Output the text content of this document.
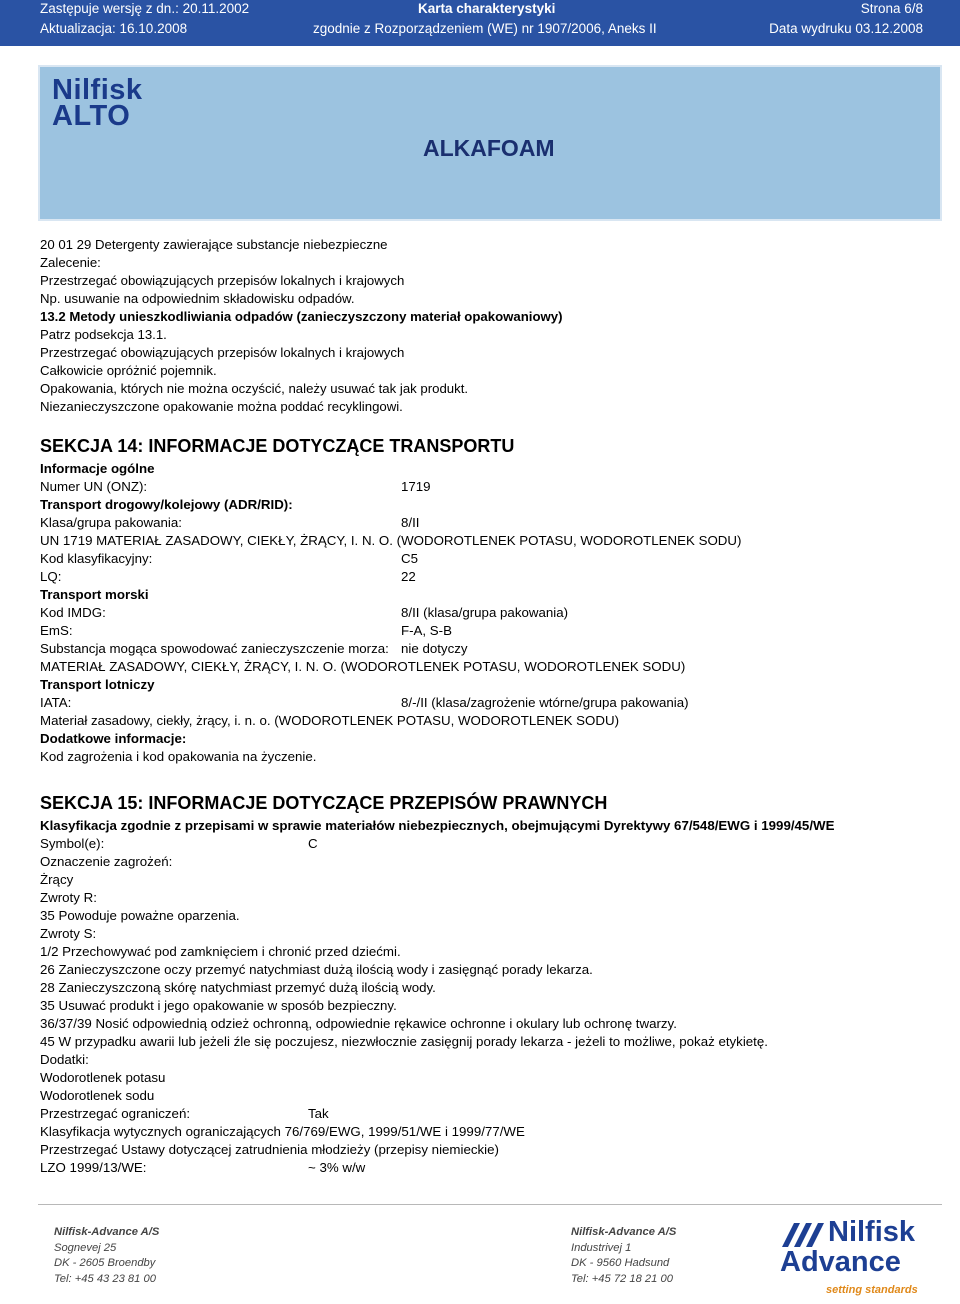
Zastępuje wersję z dn.: 20.11.2002	Karta charakterystyki	Strona 6/8
Aktualizacja: 16.10.2008	zgodnie z Rozporządzeniem (WE) nr 1907/2006, Aneks II	Data wydruku 03.12.2008
Nilfisk
ALTO
ALKAFOAM
20 01 29 Detergenty zawierające substancje niebezpieczne
Zalecenie:
Przestrzegać obowiązujących przepisów lokalnych i krajowych
Np. usuwanie na odpowiednim składowisku odpadów.
13.2 Metody unieszkodliwiania odpadów (zanieczyszczony materiał opakowaniowy)
Patrz podsekcja 13.1.
Przestrzegać obowiązujących przepisów lokalnych i krajowych
Całkowicie opróżnić pojemnik.
Opakowania, których nie można oczyścić, należy usuwać tak jak produkt.
Niezanieczyszczone opakowanie można poddać recyklingowi.
SEKCJA 14: INFORMACJE DOTYCZĄCE TRANSPORTU
Informacje ogólne
Numer UN (ONZ):	1719
Transport drogowy/kolejowy (ADR/RID):
Klasa/grupa pakowania:	8/II
UN 1719 MATERIAŁ ZASADOWY, CIEKŁY, ŻRĄCY, I. N. O. (WODOROTLENEK POTASU, WODOROTLENEK SODU)
Kod klasyfikacyjny:	C5
LQ:	22
Transport morski
Kod IMDG:	8/II (klasa/grupa pakowania)
EmS:	F-A, S-B
Substancja mogąca spowodować zanieczyszczenie morza: nie dotyczy
MATERIAŁ ZASADOWY, CIEKŁY, ŻRĄCY, I. N. O. (WODOROTLENEK POTASU, WODOROTLENEK SODU)
Transport lotniczy
IATA:	8/-/II (klasa/zagrożenie wtórne/grupa pakowania)
Materiał zasadowy, ciekły, żrący, i. n. o. (WODOROTLENEK POTASU, WODOROTLENEK SODU)
Dodatkowe informacje:
Kod zagrożenia i kod opakowania na życzenie.
SEKCJA 15: INFORMACJE DOTYCZĄCE PRZEPISÓW PRAWNYCH
Klasyfikacja zgodnie z przepisami w sprawie materiałów niebezpiecznych, obejmującymi Dyrektywy 67/548/EWG i 1999/45/WE
Symbol(e):	C
Oznaczenie zagrożeń:
Żrący
Zwroty R:
35 Powoduje poważne oparzenia.
Zwroty S:
1/2 Przechowywać pod zamknięciem i chronić przed dziećmi.
26 Zanieczyszczone oczy przemyć natychmiast dużą ilością wody i zasięgnąć porady lekarza.
28 Zanieczyszczoną skórę natychmiast przemyć dużą ilością wody.
35 Usuwać produkt i jego opakowanie w sposób bezpieczny.
36/37/39 Nosić odpowiednią odzież ochronną, odpowiednie rękawice ochronne i okulary lub ochronę twarzy.
45 W przypadku awarii lub jeżeli źle się poczujesz, niezwłocznie zasięgnij porady lekarza - jeżeli to możliwe, pokaż etykietę.
Dodatki:
Wodorotlenek potasu
Wodorotlenek sodu
Przestrzegać ograniczeń:	Tak
Klasyfikacja wytycznych ograniczających 76/769/EWG, 1999/51/WE i 1999/77/WE
Przestrzegać Ustawy dotyczącej zatrudnienia młodzieży (przepisy niemieckie)
LZO 1999/13/WE:	~ 3% w/w
Nilfisk-Advance A/S
Sognevej 25
DK - 2605 Broendby
Tel: +45 43 23 81 00
Nilfisk-Advance A/S
Industrivej 1
DK - 9560 Hadsund
Tel: +45 72 18 21 00
Nilfisk
Advance
setting standards
